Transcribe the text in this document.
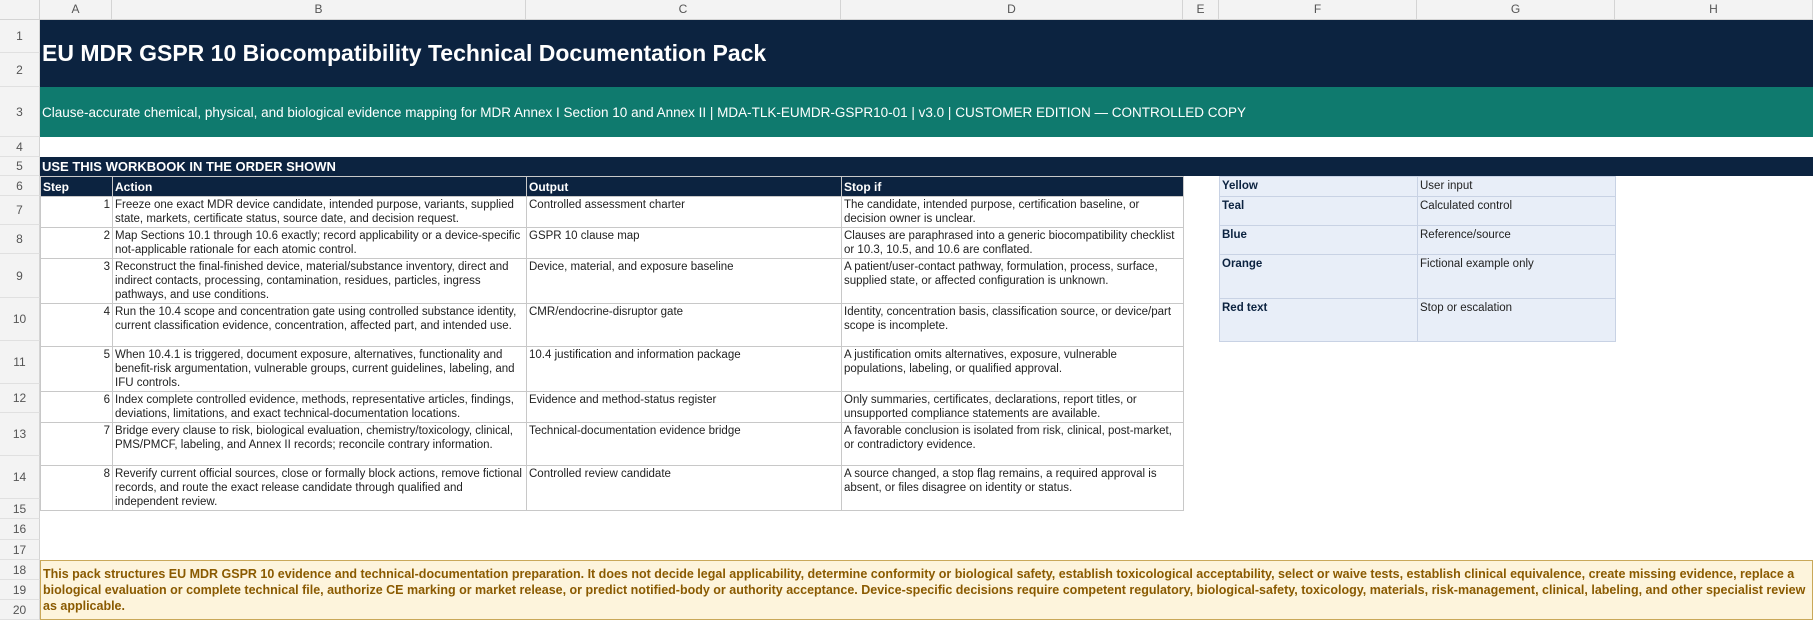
A	B	C	D	E	F	G	H
1
2
3
4
5
6
7
8
9
10
11
12
13
14
15
16
17
18
19
20
EU MDR GSPR 10 Biocompatibility Technical Documentation Pack
Clause-accurate chemical, physical, and biological evidence mapping for MDR Annex I Section 10 and Annex II | MDA-TLK-EUMDR-GSPR10-01 | v3.0 | CUSTOMER EDITION — CONTROLLED COPY
USE THIS WORKBOOK IN THE ORDER SHOWN
Step	Action	Output	Stop if
1	Freeze one exact MDR device candidate, intended purpose, variants, supplied state, markets, certificate status, source date, and decision request.	Controlled assessment charter	The candidate, intended purpose, certification baseline, or decision owner is unclear.
2	Map Sections 10.1 through 10.6 exactly; record applicability or a device-specific not-applicable rationale for each atomic control.	GSPR 10 clause map	Clauses are paraphrased into a generic biocompatibility checklist or 10.3, 10.5, and 10.6 are conflated.
3	Reconstruct the final-finished device, material/substance inventory, direct and indirect contacts, processing, contamination, residues, particles, ingress pathways, and use conditions.	Device, material, and exposure baseline	A patient/user-contact pathway, formulation, process, surface, supplied state, or affected configuration is unknown.
4	Run the 10.4 scope and concentration gate using controlled substance identity, current classification evidence, concentration, affected part, and intended use.	CMR/endocrine-disruptor gate	Identity, concentration basis, classification source, or device/part scope is incomplete.
5	When 10.4.1 is triggered, document exposure, alternatives, functionality and benefit-risk argumentation, vulnerable groups, current guidelines, labeling, and IFU controls.	10.4 justification and information package	A justification omits alternatives, exposure, vulnerable populations, labeling, or qualified approval.
6	Index complete controlled evidence, methods, representative articles, findings, deviations, limitations, and exact technical-documentation locations.	Evidence and method-status register	Only summaries, certificates, declarations, report titles, or unsupported compliance statements are available.
7	Bridge every clause to risk, biological evaluation, chemistry/toxicology, clinical, PMS/PMCF, labeling, and Annex II records; reconcile contrary information.	Technical-documentation evidence bridge	A favorable conclusion is isolated from risk, clinical, post-market, or contradictory evidence.
8	Reverify current official sources, close or formally block actions, remove fictional records, and route the exact release candidate through qualified and independent review.	Controlled review candidate	A source changed, a stop flag remains, a required approval is absent, or files disagree on identity or status.
Yellow	User input
Teal	Calculated control
Blue	Reference/source
Orange	Fictional example only
Red text	Stop or escalation
This pack structures EU MDR GSPR 10 evidence and technical-documentation preparation. It does not decide legal applicability, determine conformity or biological safety, establish toxicological acceptability, select or waive tests, establish clinical equivalence, create missing evidence, replace a biological evaluation or complete technical file, authorize CE marking or market release, or predict notified-body or authority acceptance. Device-specific decisions require competent regulatory, biological-safety, toxicology, materials, risk-management, clinical, labeling, and other specialist review as applicable.
